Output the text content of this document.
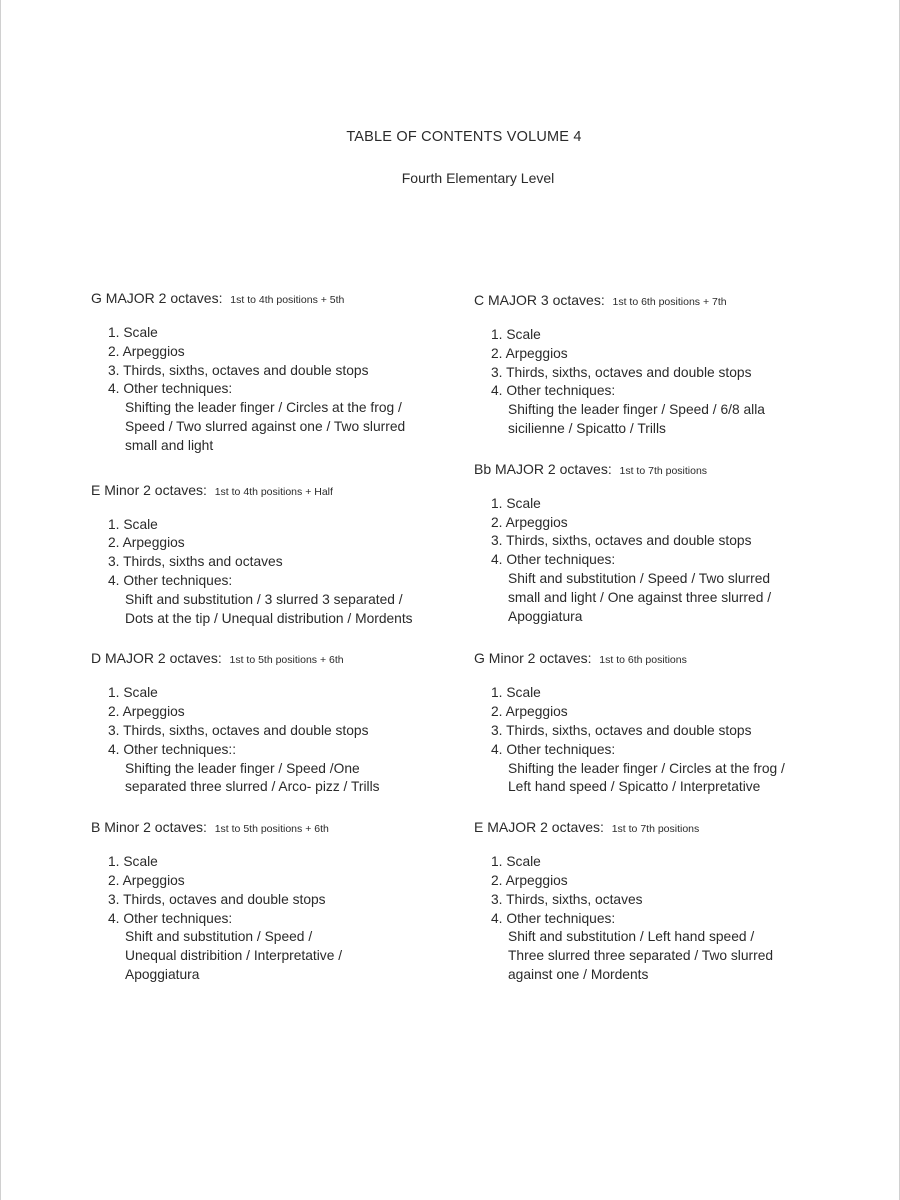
TABLE OF CONTENTS VOLUME 4
Fourth Elementary Level

G MAJOR 2 octaves: 1st to 4th positions + 5th

1. Scale
2. Arpeggios
3. Thirds, sixths, octaves and double stops
4. Other techniques:

Shifting the leader finger / Circles at the frog /

Speed / Two slurred against one / Two slurred

small and light

E Minor 2 octaves: 1st to 4th positions + Half

1. Scale
2. Arpeggios
3. Thirds, sixths and octaves
4. Other techniques:

Shift and substitution / 3 slurred 3 separated /

Dots at the tip / Unequal distribution / Mordents

D MAJOR 2 octaves: 1st to 5th positions + 6th

1. Scale
2. Arpeggios
3. Thirds, sixths, octaves and double stops
4. Other techniques::

Shifting the leader finger / Speed /One

separated three slurred / Arco- pizz / Trills

B Minor 2 octaves: 1st to 5th positions + 6th

1. Scale
2. Arpeggios
3. Thirds, octaves and double stops
4. Other techniques:

Shift and substitution / Speed /

Unequal distribition / Interpretative /

Apoggiatura

C MAJOR 3 octaves: 1st to 6th positions + 7th

1. Scale
2. Arpeggios
3. Thirds, sixths, octaves and double stops
4. Other techniques:

Shifting the leader finger / Speed / 6/8 alla

sicilienne / Spicatto / Trills

Bb MAJOR 2 octaves: 1st to 7th positions

1. Scale
2. Arpeggios
3. Thirds, sixths, octaves and double stops
4. Other techniques:

Shift and substitution / Speed / Two slurred

small and light / One against three slurred /

Apoggiatura

G Minor 2 octaves: 1st to 6th positions

1. Scale
2. Arpeggios
3. Thirds, sixths, octaves and double stops
4. Other techniques:

Shifting the leader finger / Circles at the frog /

Left hand speed / Spicatto / Interpretative

E MAJOR 2 octaves: 1st to 7th positions

1. Scale
2. Arpeggios
3. Thirds, sixths, octaves
4. Other techniques:

Shift and substitution / Left hand speed /

Three slurred three separated / Two slurred

against one / Mordents
